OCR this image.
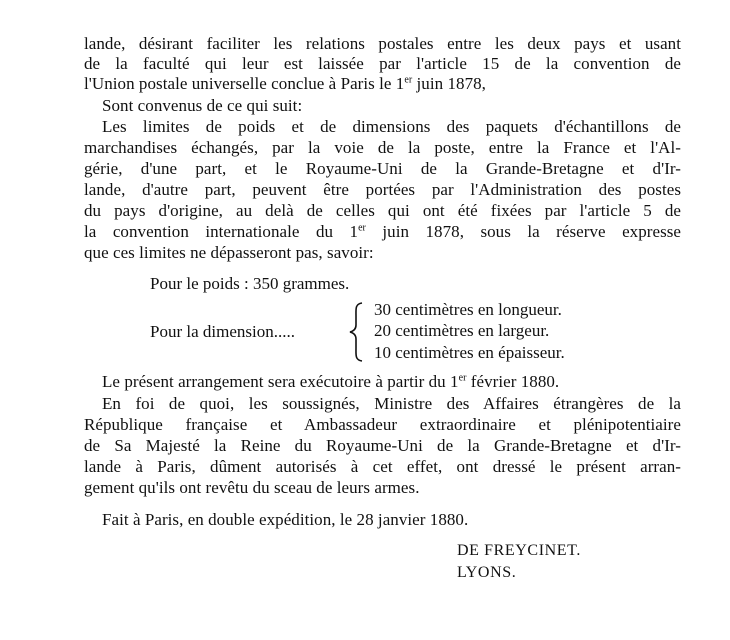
lande, désirant faciliter les relations postales entre les deux pays et usant
de la faculté qui leur est laissée par l'article 15 de la convention de
l'Union postale universelle conclue à Paris le 1er juin 1878,
Sont convenus de ce qui suit:
Les limites de poids et de dimensions des paquets d'échantillons de
marchandises échangés, par la voie de la poste, entre la France et l'Al-
gérie, d'une part, et le Royaume-Uni de la Grande-Bretagne et d'Ir-
lande, d'autre part, peuvent être portées par l'Administration des postes
du pays d'origine, au delà de celles qui ont été fixées par l'article 5 de
la convention internationale du 1er juin 1878, sous la réserve expresse
que ces limites ne dépasseront pas, savoir:
Pour le poids : 350 grammes.
Pour la dimension.....
30 centimètres en longueur.
20 centimètres en largeur.
10 centimètres en épaisseur.
Le présent arrangement sera exécutoire à partir du 1er février 1880.
En foi de quoi, les soussignés, Ministre des Affaires étrangères de la
République française et Ambassadeur extraordinaire et plénipotentiaire
de Sa Majesté la Reine du Royaume-Uni de la Grande-Bretagne et d'Ir-
lande à Paris, dûment autorisés à cet effet, ont dressé le présent arran-
gement qu'ils ont revêtu du sceau de leurs armes.
Fait à Paris, en double expédition, le 28 janvier 1880.
DE FREYCINET.
LYONS.
